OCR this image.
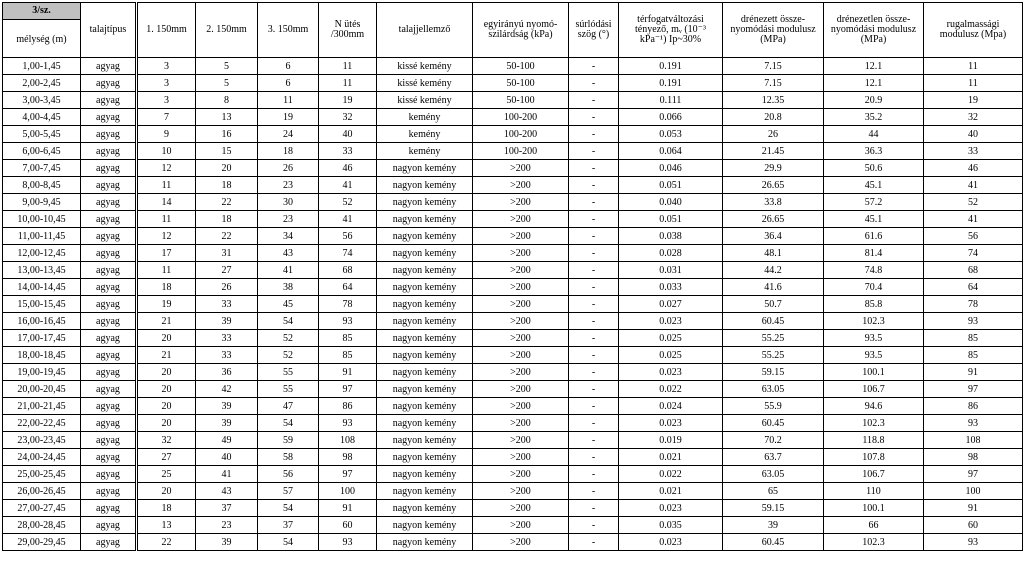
3/sz.
mélység (m)	talajtípus	1. 150mm	2. 150mm	3. 150mm	N ütés /300mm	talajjellemző	egyirányú nyomó-szilárdság (kPa)	súrlódási szög (°)	térfogatváltozási tényező, mᵥ (10⁻³ kPa⁻¹) Ip~30%	drénezett össze-nyomódási modulusz (MPa)	drénezetlen össze-nyomódási modulusz (MPa)	rugalmassági modulusz (Mpa)
1,00-1,45	agyag	3	5	6	11	kissé kemény	50-100	-	0.191	7.15	12.1	11
2,00-2,45	agyag	3	5	6	11	kissé kemény	50-100	-	0.191	7.15	12.1	11
3,00-3,45	agyag	3	8	11	19	kissé kemény	50-100	-	0.111	12.35	20.9	19
4,00-4,45	agyag	7	13	19	32	kemény	100-200	-	0.066	20.8	35.2	32
5,00-5,45	agyag	9	16	24	40	kemény	100-200	-	0.053	26	44	40
6,00-6,45	agyag	10	15	18	33	kemény	100-200	-	0.064	21.45	36.3	33
7,00-7,45	agyag	12	20	26	46	nagyon kemény	>200	-	0.046	29.9	50.6	46
8,00-8,45	agyag	11	18	23	41	nagyon kemény	>200	-	0.051	26.65	45.1	41
9,00-9,45	agyag	14	22	30	52	nagyon kemény	>200	-	0.040	33.8	57.2	52
10,00-10,45	agyag	11	18	23	41	nagyon kemény	>200	-	0.051	26.65	45.1	41
11,00-11,45	agyag	12	22	34	56	nagyon kemény	>200	-	0.038	36.4	61.6	56
12,00-12,45	agyag	17	31	43	74	nagyon kemény	>200	-	0.028	48.1	81.4	74
13,00-13,45	agyag	11	27	41	68	nagyon kemény	>200	-	0.031	44.2	74.8	68
14,00-14,45	agyag	18	26	38	64	nagyon kemény	>200	-	0.033	41.6	70.4	64
15,00-15,45	agyag	19	33	45	78	nagyon kemény	>200	-	0.027	50.7	85.8	78
16,00-16,45	agyag	21	39	54	93	nagyon kemény	>200	-	0.023	60.45	102.3	93
17,00-17,45	agyag	20	33	52	85	nagyon kemény	>200	-	0.025	55.25	93.5	85
18,00-18,45	agyag	21	33	52	85	nagyon kemény	>200	-	0.025	55.25	93.5	85
19,00-19,45	agyag	20	36	55	91	nagyon kemény	>200	-	0.023	59.15	100.1	91
20,00-20,45	agyag	20	42	55	97	nagyon kemény	>200	-	0.022	63.05	106.7	97
21,00-21,45	agyag	20	39	47	86	nagyon kemény	>200	-	0.024	55.9	94.6	86
22,00-22,45	agyag	20	39	54	93	nagyon kemény	>200	-	0.023	60.45	102.3	93
23,00-23,45	agyag	32	49	59	108	nagyon kemény	>200	-	0.019	70.2	118.8	108
24,00-24,45	agyag	27	40	58	98	nagyon kemény	>200	-	0.021	63.7	107.8	98
25,00-25,45	agyag	25	41	56	97	nagyon kemény	>200	-	0.022	63.05	106.7	97
26,00-26,45	agyag	20	43	57	100	nagyon kemény	>200	-	0.021	65	110	100
27,00-27,45	agyag	18	37	54	91	nagyon kemény	>200	-	0.023	59.15	100.1	91
28,00-28,45	agyag	13	23	37	60	nagyon kemény	>200	-	0.035	39	66	60
29,00-29,45	agyag	22	39	54	93	nagyon kemény	>200	-	0.023	60.45	102.3	93
